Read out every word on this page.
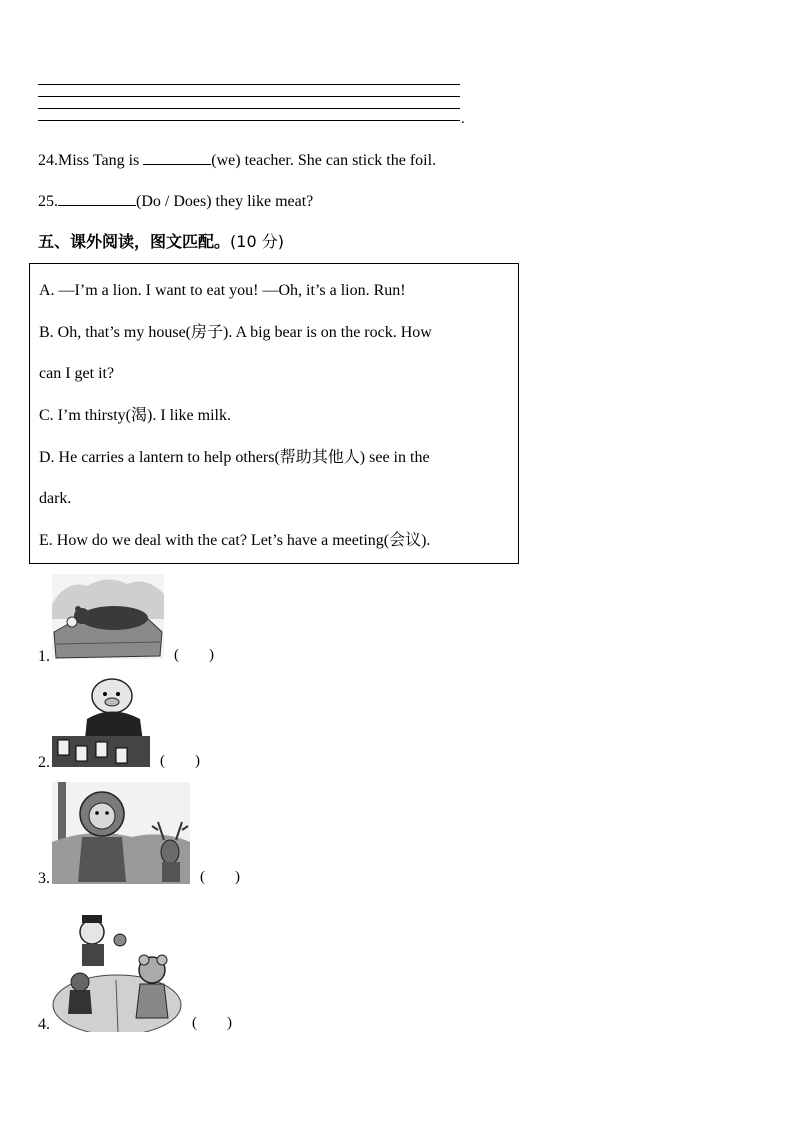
.
24.Miss Tang is	(we) teacher. She can stick the foil.
25.	(Do / Does) they like meat?
五、课外阅读，图文匹配。(10 分)
A. —I’m a lion. I want to eat you! —Oh, it’s a lion. Run!
B. Oh, that’s my house(房子). A big bear is on the rock. How
can I get it?
C. I’m thirsty(渴). I like milk.
D. He carries a lantern to help others(帮助其他人) see in the
dark.
E. How do we deal with the cat? Let’s have a meeting(会议).
1.	(        )
2.	(        )
3.	(        )
4.	(        )
